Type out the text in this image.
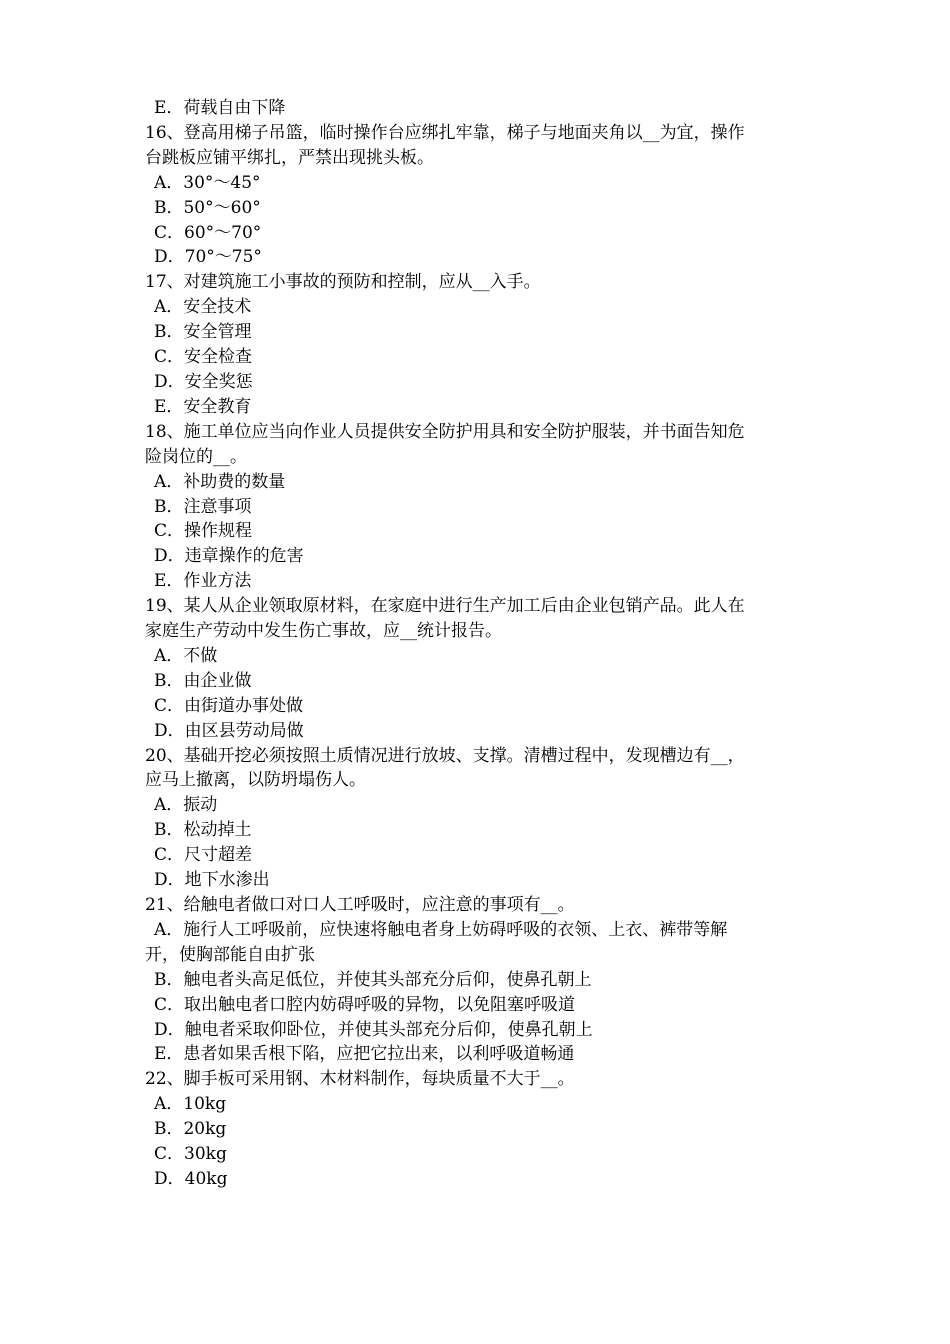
E．荷载自由下降
16、登高用梯子吊篮，临时操作台应绑扎牢靠，梯子与地面夹角以__为宜，操作
台跳板应铺平绑扎，严禁出现挑头板。
A．30°～45°
B．50°～60°
C．60°～70°
D．70°～75°
17、对建筑施工小事故的预防和控制，应从__入手。
A．安全技术
B．安全管理
C．安全检查
D．安全奖惩
E．安全教育
18、施工单位应当向作业人员提供安全防护用具和安全防护服装，并书面告知危
险岗位的__。
A．补助费的数量
B．注意事项
C．操作规程
D．违章操作的危害
E．作业方法
19、某人从企业领取原材料，在家庭中进行生产加工后由企业包销产品。此人在
家庭生产劳动中发生伤亡事故，应__统计报告。
A．不做
B．由企业做
C．由街道办事处做
D．由区县劳动局做
20、基础开挖必须按照土质情况进行放坡、支撑。清槽过程中，发现槽边有__，
应马上撤离，以防坍塌伤人。
A．振动
B．松动掉土
C．尺寸超差
D．地下水渗出
21、给触电者做口对口人工呼吸时，应注意的事项有__。
A．施行人工呼吸前，应快速将触电者身上妨碍呼吸的衣领、上衣、裤带等解
开，使胸部能自由扩张
B．触电者头高足低位，并使其头部充分后仰，使鼻孔朝上
C．取出触电者口腔内妨碍呼吸的异物，以免阻塞呼吸道
D．触电者采取仰卧位，并使其头部充分后仰，使鼻孔朝上
E．患者如果舌根下陷，应把它拉出来，以利呼吸道畅通
22、脚手板可采用钢、木材料制作，每块质量不大于__。
A．10kg
B．20kg
C．30kg
D．40kg
